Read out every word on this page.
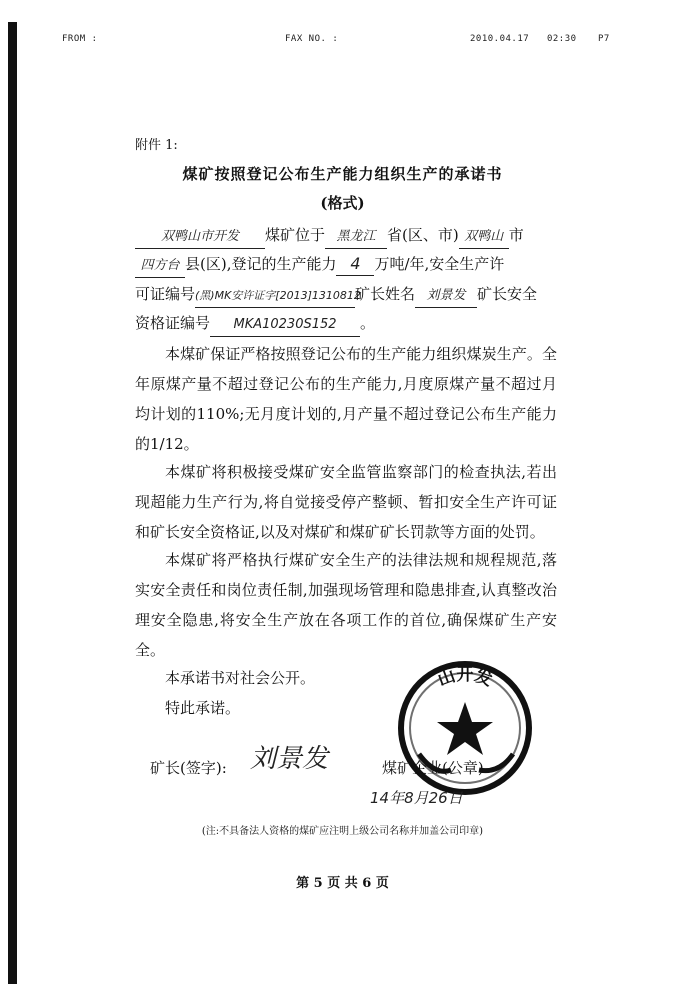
FROM :	FAX NO. :	2010.04.17   02:30 P7
附件 1:
煤矿按照登记公布生产能力组织生产的承诺书
(格式)
双鸭山市开发 煤矿位于 黑龙江 省(区、市) 双鸭山 市
四方台 县(区),登记的生产能力 4 万吨/年,安全生产许
可证编号(黑)MK安许证字[2013]1310812矿长姓名 刘景发 矿长安全
资格证编号 MKA10230S152 。
本煤矿保证严格按照登记公布的生产能力组织煤炭生产。全年原煤产量不超过登记公布的生产能力,月度原煤产量不超过月均计划的110%;无月度计划的,月产量不超过登记公布生产能力的1/12。
本煤矿将积极接受煤矿安全监管监察部门的检查执法,若出现超能力生产行为,将自觉接受停产整顿、暂扣安全生产许可证和矿长安全资格证,以及对煤矿和煤矿矿长罚款等方面的处罚。
本煤矿将严格执行煤矿安全生产的法律法规和规程规范,落实安全责任和岗位责任制,加强现场管理和隐患排查,认真整改治理安全隐患,将安全生产放在各项工作的首位,确保煤矿生产安全。
本承诺书对社会公开。
特此承诺。
矿长(签字): 刘景发
山开发
煤矿企业(公章)
14年8月26日
(注:不具备法人资格的煤矿应注明上级公司名称并加盖公司印章)
第 5 页 共 6 页
